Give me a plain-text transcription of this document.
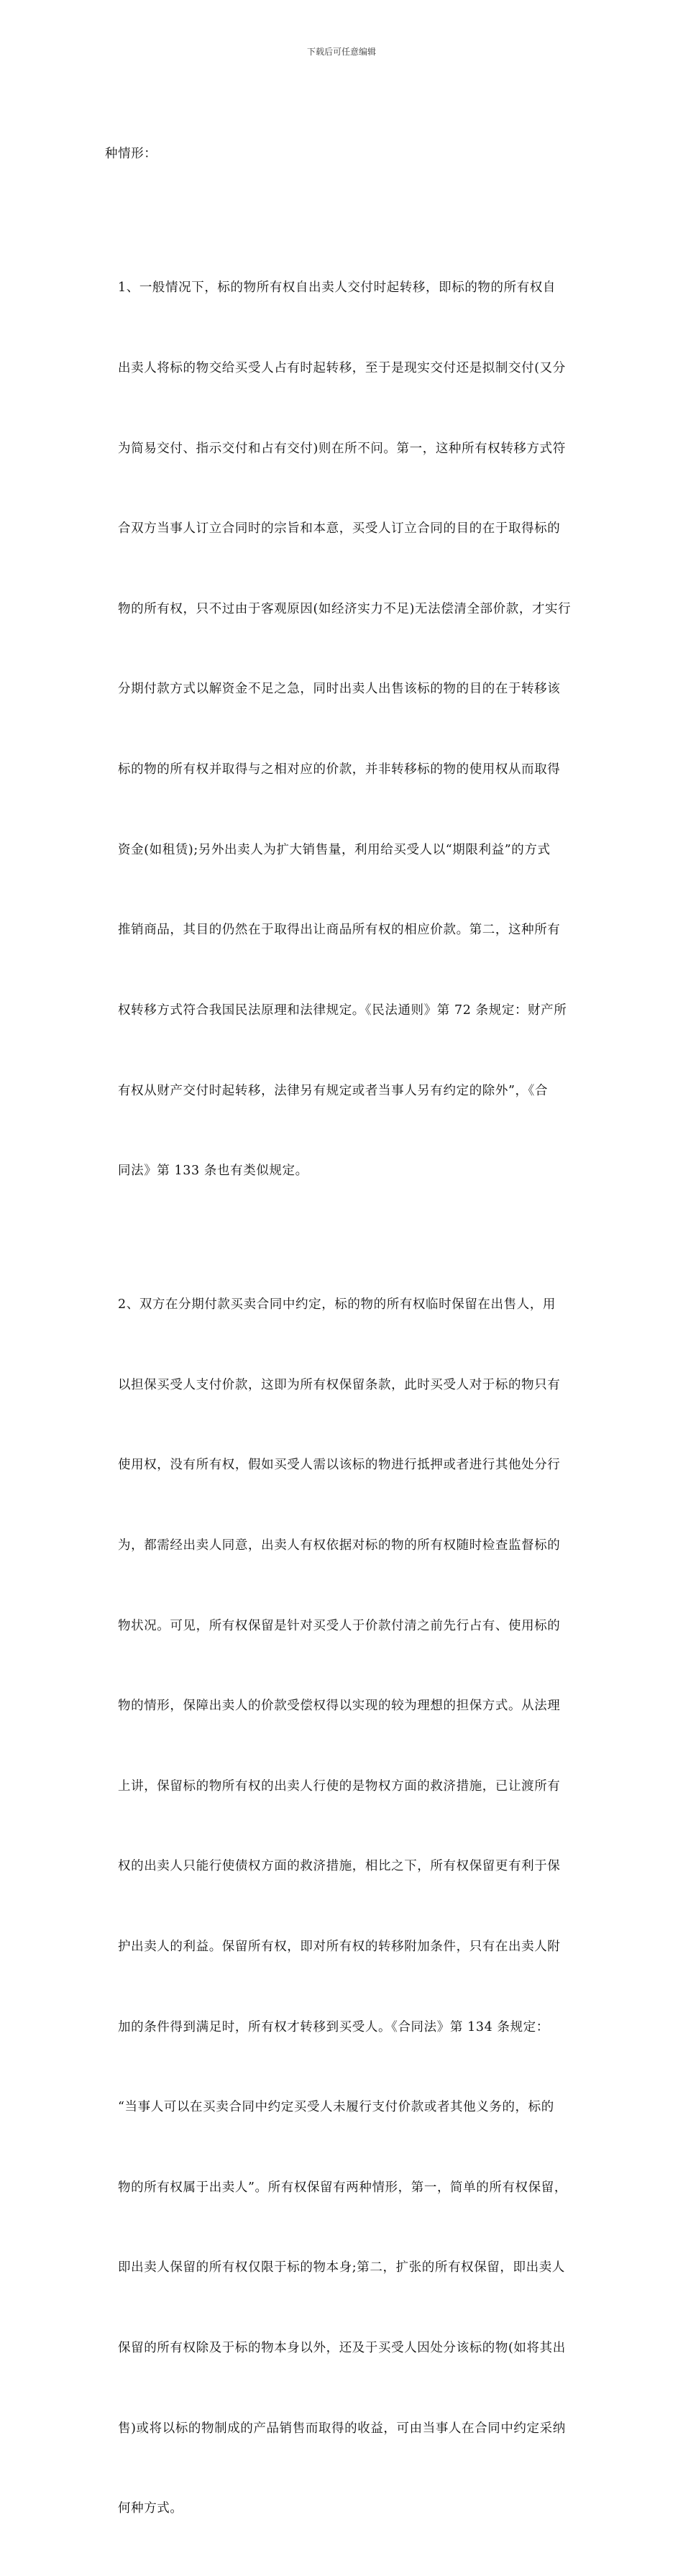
下载后可任意编辑

种情形：

1、一般情况下，标的物所有权自出卖人交付时起转移，即标的物的所有权自

出卖人将标的物交给买受人占有时起转移，至于是现实交付还是拟制交付(又分

为简易交付、指示交付和占有交付)则在所不问。第一，这种所有权转移方式符

合双方当事人订立合同时的宗旨和本意，买受人订立合同的目的在于取得标的

物的所有权，只不过由于客观原因(如经济实力不足)无法偿清全部价款，才实行

分期付款方式以解资金不足之急，同时出卖人出售该标的物的目的在于转移该

标的物的所有权并取得与之相对应的价款，并非转移标的物的使用权从而取得

资金(如租赁);另外出卖人为扩大销售量，利用给买受人以“期限利益”的方式

推销商品，其目的仍然在于取得出让商品所有权的相应价款。第二，这种所有

权转移方式符合我国民法原理和法律规定。《民法通则》第 72 条规定：财产所

有权从财产交付时起转移，法律另有规定或者当事人另有约定的除外”，《合

同法》第 133 条也有类似规定。

2、双方在分期付款买卖合同中约定，标的物的所有权临时保留在出售人，用

以担保买受人支付价款，这即为所有权保留条款，此时买受人对于标的物只有

使用权，没有所有权，假如买受人需以该标的物进行抵押或者进行其他处分行

为，都需经出卖人同意，出卖人有权依据对标的物的所有权随时检查监督标的

物状况。可见，所有权保留是针对买受人于价款付清之前先行占有、使用标的

物的情形，保障出卖人的价款受偿权得以实现的较为理想的担保方式。从法理

上讲，保留标的物所有权的出卖人行使的是物权方面的救济措施，已让渡所有

权的出卖人只能行使债权方面的救济措施，相比之下，所有权保留更有利于保

护出卖人的利益。保留所有权，即对所有权的转移附加条件，只有在出卖人附

加的条件得到满足时，所有权才转移到买受人。《合同法》第 134 条规定：

“当事人可以在买卖合同中约定买受人未履行支付价款或者其他义务的，标的

物的所有权属于出卖人”。所有权保留有两种情形，第一，简单的所有权保留，

即出卖人保留的所有权仅限于标的物本身;第二，扩张的所有权保留，即出卖人

保留的所有权除及于标的物本身以外，还及于买受人因处分该标的物(如将其出

售)或将以标的物制成的产品销售而取得的收益，可由当事人在合同中约定采纳

何种方式。
